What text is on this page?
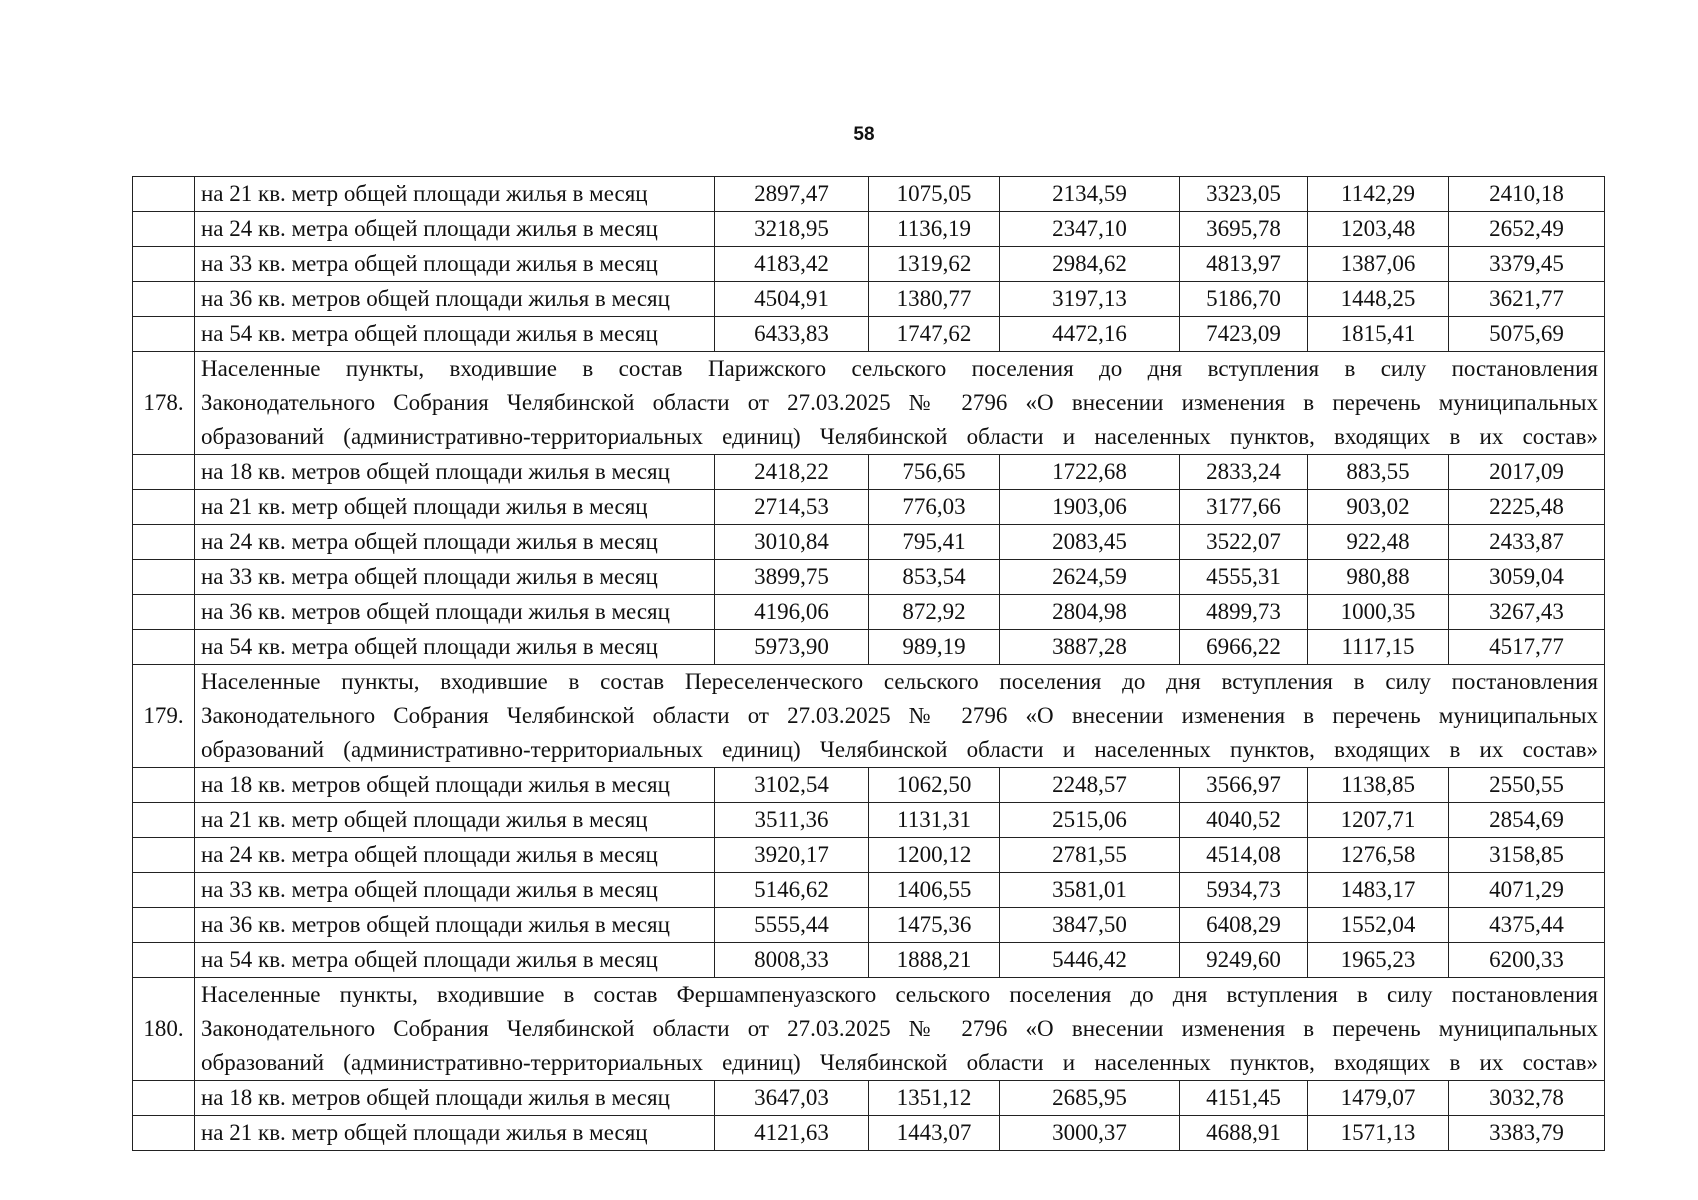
58
	на 21 кв. метр общей площади жилья в месяц	2897,47	1075,05	2134,59	3323,05	1142,29	2410,18
	на 24 кв. метра общей площади жилья в месяц	3218,95	1136,19	2347,10	3695,78	1203,48	2652,49
	на 33 кв. метра общей площади жилья в месяц	4183,42	1319,62	2984,62	4813,97	1387,06	3379,45
	на 36 кв. метров общей площади жилья в месяц	4504,91	1380,77	3197,13	5186,70	1448,25	3621,77
	на 54 кв. метра общей площади жилья в месяц	6433,83	1747,62	4472,16	7423,09	1815,41	5075,69
178.	Населенные пункты, входившие в состав Парижского сельского поселения до дня вступления в силу постановления
Законодательного Собрания Челябинской области от 27.03.2025 № 2796 «О внесении изменения в перечень муниципальных
образований (административно-территориальных единиц) Челябинской области и населенных пунктов, входящих в их состав»						

	на 18 кв. метров общей площади жилья в месяц	2418,22	756,65	1722,68	2833,24	883,55	2017,09
	на 21 кв. метр общей площади жилья в месяц	2714,53	776,03	1903,06	3177,66	903,02	2225,48
	на 24 кв. метра общей площади жилья в месяц	3010,84	795,41	2083,45	3522,07	922,48	2433,87
	на 33 кв. метра общей площади жилья в месяц	3899,75	853,54	2624,59	4555,31	980,88	3059,04
	на 36 кв. метров общей площади жилья в месяц	4196,06	872,92	2804,98	4899,73	1000,35	3267,43
	на 54 кв. метра общей площади жилья в месяц	5973,90	989,19	3887,28	6966,22	1117,15	4517,77
179.	Населенные пункты, входившие в состав Переселенческого сельского поселения до дня вступления в силу постановления
Законодательного Собрания Челябинской области от 27.03.2025 № 2796 «О внесении изменения в перечень муниципальных
образований (административно-территориальных единиц) Челябинской области и населенных пунктов, входящих в их состав»						

	на 18 кв. метров общей площади жилья в месяц	3102,54	1062,50	2248,57	3566,97	1138,85	2550,55
	на 21 кв. метр общей площади жилья в месяц	3511,36	1131,31	2515,06	4040,52	1207,71	2854,69
	на 24 кв. метра общей площади жилья в месяц	3920,17	1200,12	2781,55	4514,08	1276,58	3158,85
	на 33 кв. метра общей площади жилья в месяц	5146,62	1406,55	3581,01	5934,73	1483,17	4071,29
	на 36 кв. метров общей площади жилья в месяц	5555,44	1475,36	3847,50	6408,29	1552,04	4375,44
	на 54 кв. метра общей площади жилья в месяц	8008,33	1888,21	5446,42	9249,60	1965,23	6200,33
180.	Населенные пункты, входившие в состав Фершампенуазского сельского поселения до дня вступления в силу постановления
Законодательного Собрания Челябинской области от 27.03.2025 № 2796 «О внесении изменения в перечень муниципальных
образований (административно-территориальных единиц) Челябинской области и населенных пунктов, входящих в их состав»						

	на 18 кв. метров общей площади жилья в месяц	3647,03	1351,12	2685,95	4151,45	1479,07	3032,78
	на 21 кв. метр общей площади жилья в месяц	4121,63	1443,07	3000,37	4688,91	1571,13	3383,79
